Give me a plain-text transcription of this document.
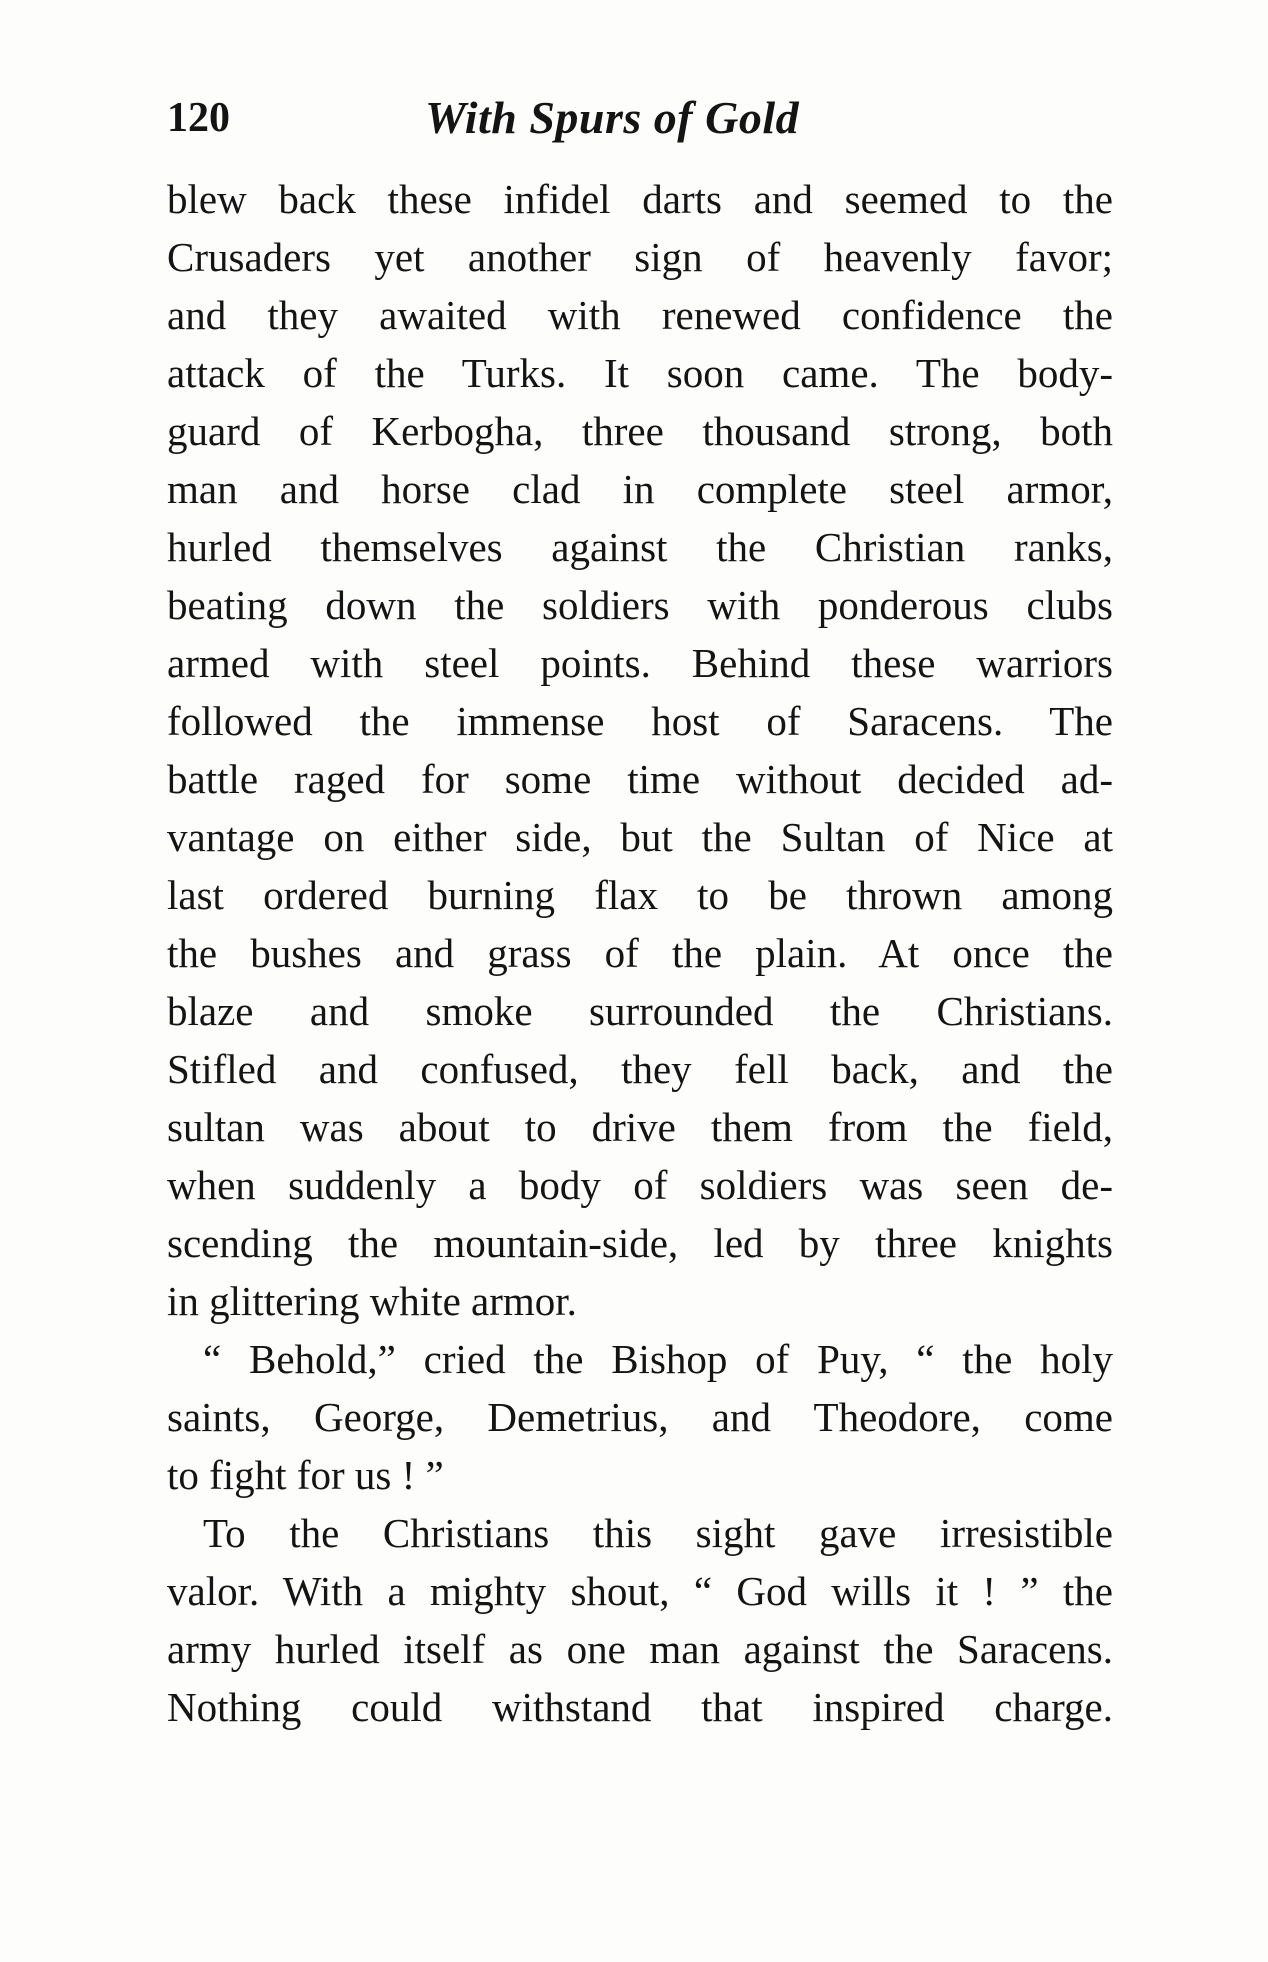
120	With Spurs of Gold
blew back these infidel darts and seemed to the
Crusaders yet another sign of heavenly favor;
and they awaited with renewed confidence the
attack of the Turks. It soon came. The body-
guard of Kerbogha, three thousand strong, both
man and horse clad in complete steel armor,
hurled themselves against the Christian ranks,
beating down the soldiers with ponderous clubs
armed with steel points. Behind these warriors
followed the immense host of Saracens. The
battle raged for some time without decided ad-
vantage on either side, but the Sultan of Nice at
last ordered burning flax to be thrown among
the bushes and grass of the plain. At once the
blaze and smoke surrounded the Christians.
Stifled and confused, they fell back, and the
sultan was about to drive them from the field,
when suddenly a body of soldiers was seen de-
scending the mountain-side, led by three knights
in glittering white armor.
“ Behold,” cried the Bishop of Puy, “ the holy
saints, George, Demetrius, and Theodore, come
to fight for us ! ”
To the Christians this sight gave irresistible
valor. With a mighty shout, “ God wills it ! ” the
army hurled itself as one man against the Saracens.
Nothing could withstand that inspired charge.
